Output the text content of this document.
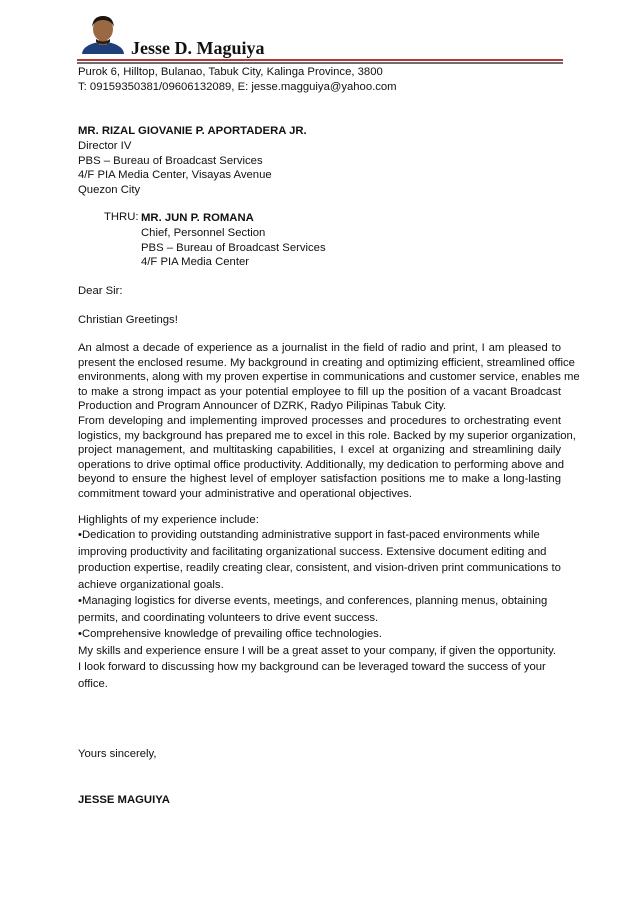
Jesse D. Maguiya
Purok 6, Hilltop, Bulanao, Tabuk City, Kalinga Province, 3800
T: 09159350381/09606132089, E: jesse.magguiya@yahoo.com
MR. RIZAL GIOVANIE P. APORTADERA JR.
Director IV
PBS – Bureau of Broadcast Services
4/F PIA Media Center, Visayas Avenue
Quezon City
THRU: MR. JUN P. ROMANA
Chief, Personnel Section
PBS – Bureau of Broadcast Services
4/F PIA Media Center
Dear Sir:
Christian Greetings!
An almost a decade of experience as a journalist in the field of radio and print, I am pleased to
present the enclosed resume. My background in creating and optimizing efficient, streamlined office
environments, along with my proven expertise in communications and customer service, enables me
to make a strong impact as your potential employee to fill up the position of a vacant Broadcast
Production and Program Announcer of DZRK, Radyo Pilipinas Tabuk City.
From developing and implementing improved processes and procedures to orchestrating event
logistics, my background has prepared me to excel in this role. Backed by my superior organization,
project management, and multitasking capabilities, I excel at organizing and streamlining daily
operations to drive optimal office productivity. Additionally, my dedication to performing above and
beyond to ensure the highest level of employer satisfaction positions me to make a long-lasting
commitment toward your administrative and operational objectives.
Highlights of my experience include:
•Dedication to providing outstanding administrative support in fast-paced environments while
improving productivity and facilitating organizational success. Extensive document editing and
production expertise, readily creating clear, consistent, and vision-driven print communications to
achieve organizational goals.
•Managing logistics for diverse events, meetings, and conferences, planning menus, obtaining
permits, and coordinating volunteers to drive event success.
•Comprehensive knowledge of prevailing office technologies.
My skills and experience ensure I will be a great asset to your company, if given the opportunity.
I look forward to discussing how my background can be leveraged toward the success of your
office.
Yours sincerely,
JESSE MAGUIYA
